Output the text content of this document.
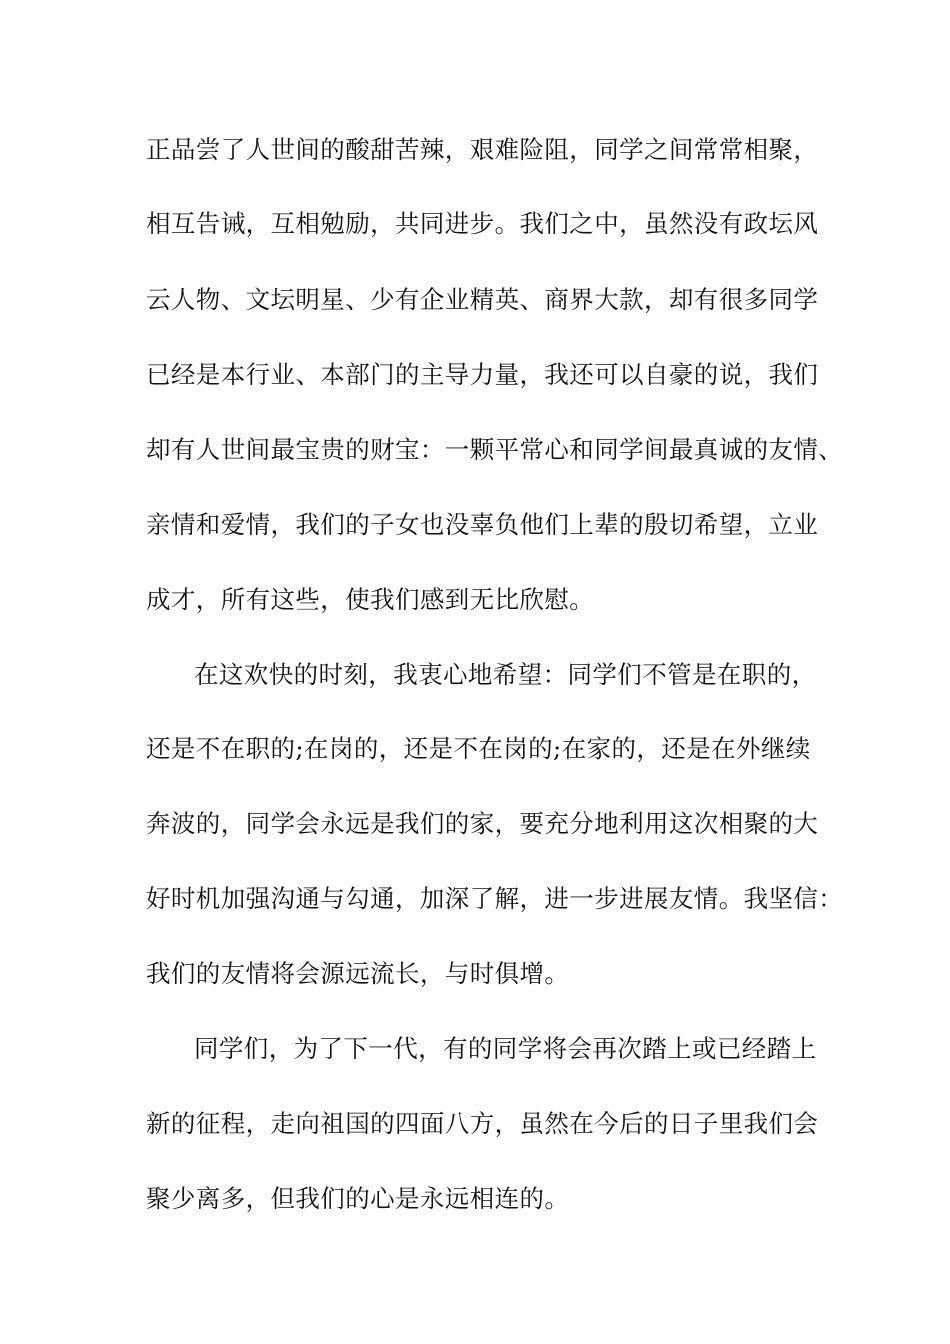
正品尝了人世间的酸甜苦辣，艰难险阻，同学之间常常相聚，
相互告诫，互相勉励，共同进步。我们之中，虽然没有政坛风
云人物、文坛明星、少有企业精英、商界大款，却有很多同学
已经是本行业、本部门的主导力量，我还可以自豪的说，我们
却有人世间最宝贵的财宝：一颗平常心和同学间最真诚的友情、
亲情和爱情，我们的子女也没辜负他们上辈的殷切希望，立业
成才，所有这些，使我们感到无比欣慰。
在这欢快的时刻，我衷心地希望：同学们不管是在职的，
还是不在职的;在岗的，还是不在岗的;在家的，还是在外继续
奔波的，同学会永远是我们的家，要充分地利用这次相聚的大
好时机加强沟通与勾通，加深了解，进一步进展友情。我坚信：
我们的友情将会源远流长，与时俱增。
同学们，为了下一代，有的同学将会再次踏上或已经踏上
新的征程，走向祖国的四面八方，虽然在今后的日子里我们会
聚少离多，但我们的心是永远相连的。
